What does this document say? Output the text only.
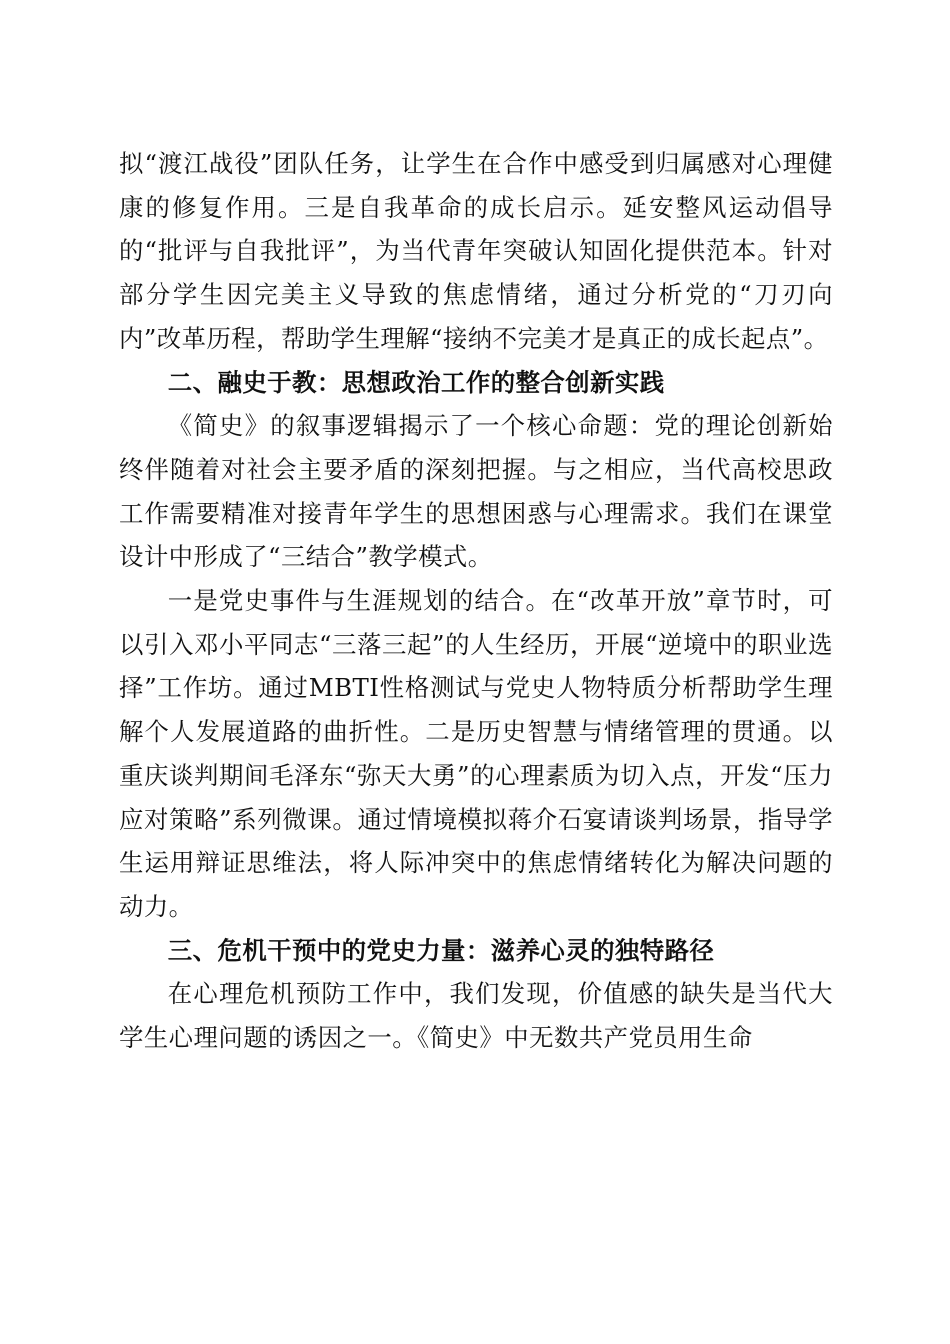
拟“渡江战役”团队任务，让学生在合作中感受到归属感对心理健康的修复作用。三是自我革命的成长启示。延安整风运动倡导的“批评与自我批评”，为当代青年突破认知固化提供范本。针对部分学生因完美主义导致的焦虑情绪，通过分析党的“刀刃向内”改革历程，帮助学生理解“接纳不完美才是真正的成长起点”。

二、融史于教：思想政治工作的整合创新实践

《简史》的叙事逻辑揭示了一个核心命题：党的理论创新始终伴随着对社会主要矛盾的深刻把握。与之相应，当代高校思政工作需要精准对接青年学生的思想困惑与心理需求。我们在课堂设计中形成了“三结合”教学模式。

一是党史事件与生涯规划的结合。在“改革开放”章节时，可以引入邓小平同志“三落三起”的人生经历，开展“逆境中的职业选择”工作坊。通过MBTI性格测试与党史人物特质分析帮助学生理解个人发展道路的曲折性。二是历史智慧与情绪管理的贯通。以重庆谈判期间毛泽东“弥天大勇”的心理素质为切入点，开发“压力应对策略”系列微课。通过情境模拟蒋介石宴请谈判场景，指导学生运用辩证思维法，将人际冲突中的焦虑情绪转化为解决问题的动力。

三、危机干预中的党史力量：滋养心灵的独特路径

在心理危机预防工作中，我们发现，价值感的缺失是当代大学生心理问题的诱因之一。《简史》中无数共产党员用生命
